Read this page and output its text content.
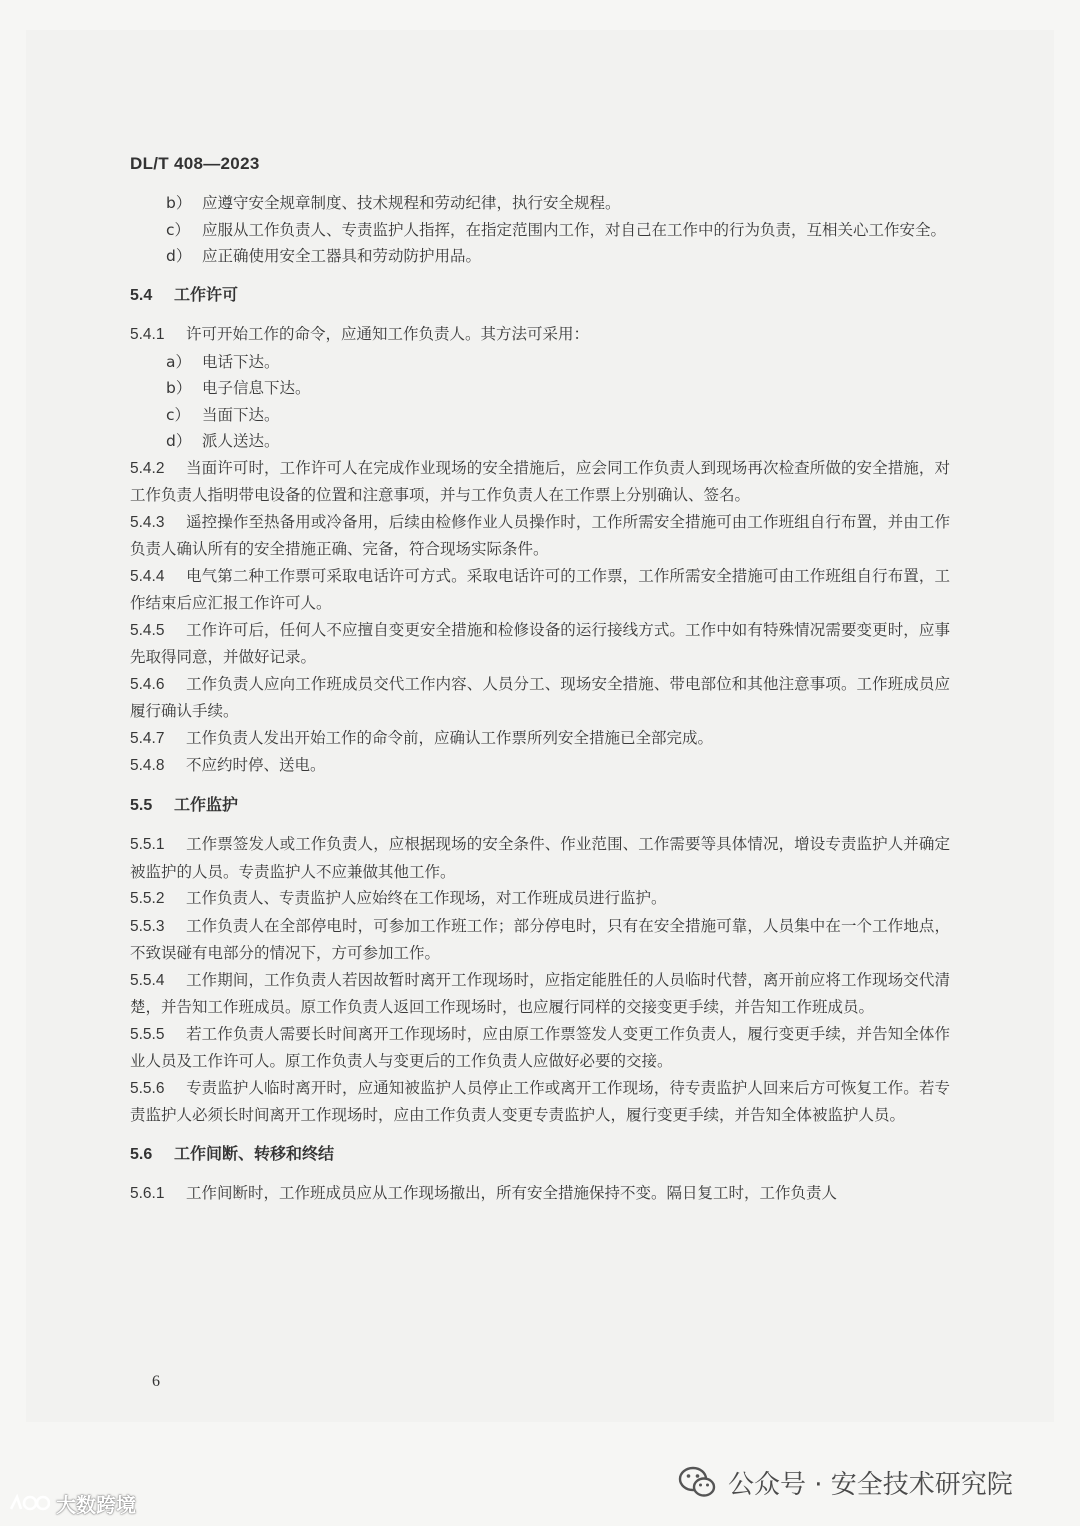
DL/T 408—2023
b） 应遵守安全规章制度、技术规程和劳动纪律，执行安全规程。
c） 应服从工作负责人、专责监护人指挥，在指定范围内工作，对自己在工作中的行为负责，互相关心工作安全。
d） 应正确使用安全工器具和劳动防护用品。
5.4 工作许可
5.4.1 许可开始工作的命令，应通知工作负责人。其方法可采用：
a） 电话下达。
b） 电子信息下达。
c） 当面下达。
d） 派人送达。
5.4.2 当面许可时，工作许可人在完成作业现场的安全措施后，应会同工作负责人到现场再次检查所做的安全措施，对工作负责人指明带电设备的位置和注意事项，并与工作负责人在工作票上分别确认、签名。
5.4.3 遥控操作至热备用或冷备用，后续由检修作业人员操作时，工作所需安全措施可由工作班组自行布置，并由工作负责人确认所有的安全措施正确、完备，符合现场实际条件。
5.4.4 电气第二种工作票可采取电话许可方式。采取电话许可的工作票，工作所需安全措施可由工作班组自行布置，工作结束后应汇报工作许可人。
5.4.5 工作许可后，任何人不应擅自变更安全措施和检修设备的运行接线方式。工作中如有特殊情况需要变更时，应事先取得同意，并做好记录。
5.4.6 工作负责人应向工作班成员交代工作内容、人员分工、现场安全措施、带电部位和其他注意事项。工作班成员应履行确认手续。
5.4.7 工作负责人发出开始工作的命令前，应确认工作票所列安全措施已全部完成。
5.4.8 不应约时停、送电。
5.5 工作监护
5.5.1 工作票签发人或工作负责人，应根据现场的安全条件、作业范围、工作需要等具体情况，增设专责监护人并确定被监护的人员。专责监护人不应兼做其他工作。
5.5.2 工作负责人、专责监护人应始终在工作现场，对工作班成员进行监护。
5.5.3 工作负责人在全部停电时，可参加工作班工作；部分停电时，只有在安全措施可靠，人员集中在一个工作地点，不致误碰有电部分的情况下，方可参加工作。
5.5.4 工作期间，工作负责人若因故暂时离开工作现场时，应指定能胜任的人员临时代替，离开前应将工作现场交代清楚，并告知工作班成员。原工作负责人返回工作现场时，也应履行同样的交接变更手续，并告知工作班成员。
5.5.5 若工作负责人需要长时间离开工作现场时，应由原工作票签发人变更工作负责人，履行变更手续，并告知全体作业人员及工作许可人。原工作负责人与变更后的工作负责人应做好必要的交接。
5.5.6 专责监护人临时离开时，应通知被监护人员停止工作或离开工作现场，待专责监护人回来后方可恢复工作。若专责监护人必须长时间离开工作现场时，应由工作负责人变更专责监护人，履行变更手续，并告知全体被监护人员。
5.6 工作间断、转移和终结
5.6.1 工作间断时，工作班成员应从工作现场撤出，所有安全措施保持不变。隔日复工时，工作负责人
6
公众号 · 安全技术研究院
大数跨境
